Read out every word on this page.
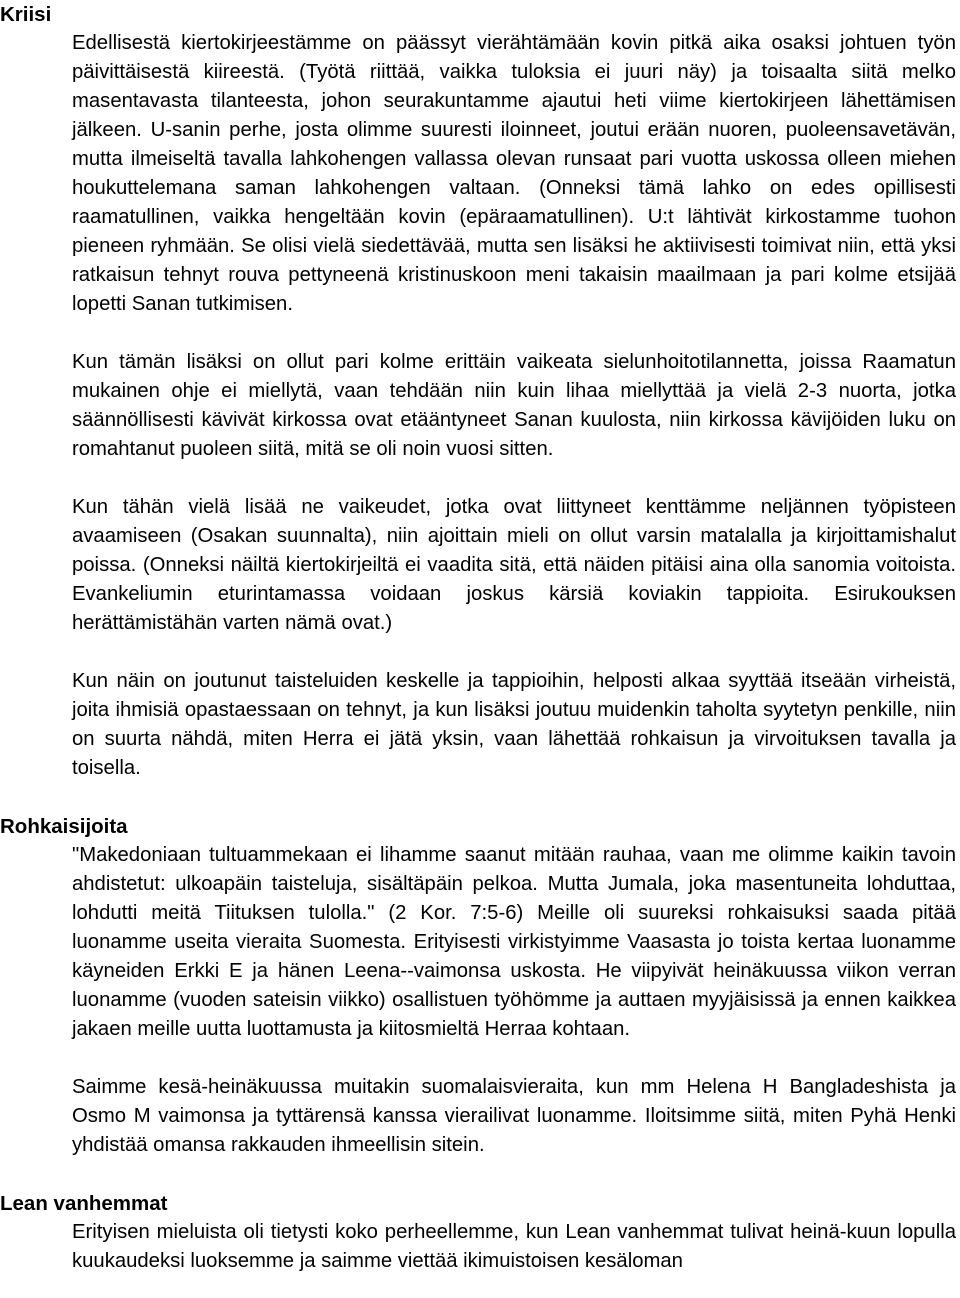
Kriisi

Edellisestä kiertokirjeestämme on päässyt vierähtämään kovin pitkä aika osaksi johtuen työn päivittäisestä kiireestä. (Työtä riittää, vaikka tuloksia ei juuri näy) ja toisaalta siitä melko masentavasta tilanteesta, johon seurakuntamme ajautui heti viime kiertokirjeen lähettämisen jälkeen. U-sanin perhe, josta olimme suuresti iloinneet, joutui erään nuoren, puoleensavetävän, mutta ilmeiseltä tavalla lahkohengen vallassa olevan runsaat pari vuotta uskossa olleen miehen houkuttelemana saman lahkohengen valtaan. (Onneksi tämä lahko on edes opillisesti raamatullinen, vaikka hengeltään kovin (epäraamatullinen). U:t lähtivät kirkostamme tuohon pieneen ryhmään. Se olisi vielä siedettävää, mutta sen lisäksi he aktiivisesti toimivat niin, että yksi ratkaisun tehnyt rouva pettyneenä kristinuskoon meni takaisin maailmaan ja pari kolme etsijää lopetti Sanan tutkimisen.

Kun tämän lisäksi on ollut pari kolme erittäin vaikeata sielunhoitotilannetta, joissa Raamatun mukainen ohje ei miellytä, vaan tehdään niin kuin lihaa miellyttää ja vielä 2-3 nuorta, jotka säännöllisesti kävivät kirkossa ovat etääntyneet Sanan kuulosta, niin kirkossa kävijöiden luku on romahtanut puoleen siitä, mitä se oli noin vuosi sitten.

Kun tähän vielä lisää ne vaikeudet, jotka ovat liittyneet kenttämme neljännen työpisteen avaamiseen (Osakan suunnalta), niin ajoittain mieli on ollut varsin matalalla ja kirjoittamishalut poissa. (Onneksi näiltä kiertokirjeiltä ei vaadita sitä, että näiden pitäisi aina olla sanomia voitoista. Evankeliumin eturintamassa voidaan joskus kärsiä koviakin tappioita. Esirukouksen herättämistähän varten nämä ovat.)

Kun näin on joutunut taisteluiden keskelle ja tappioihin, helposti alkaa syyttää itseään virheistä, joita ihmisiä opastaessaan on tehnyt, ja kun lisäksi joutuu muidenkin taholta syytetyn penkille, niin on suurta nähdä, miten Herra ei jätä yksin, vaan lähettää rohkaisun ja virvoituksen tavalla ja toisella.

Rohkaisijoita

"Makedoniaan tultuammekaan ei lihamme saanut mitään rauhaa, vaan me olimme kaikin tavoin ahdistetut: ulkoapäin taisteluja, sisältäpäin pelkoa. Mutta Jumala, joka masentuneita lohduttaa, lohdutti meitä Tiituksen tulolla." (2 Kor. 7:5-6) Meille oli suureksi rohkaisuksi saada pitää luonamme useita vieraita Suomesta. Erityisesti virkistyimme Vaasasta jo toista kertaa luonamme käyneiden Erkki E ja hänen Leena--vaimonsa uskosta. He viipyivät heinäkuussa viikon verran luonamme (vuoden sateisin viikko) osallistuen työhömme ja auttaen myyjäisissä ja ennen kaikkea jakaen meille uutta luottamusta ja kiitosmieltä Herraa kohtaan.

Saimme kesä-heinäkuussa muitakin suomalaisvieraita, kun mm Helena H Bangladeshista ja Osmo M vaimonsa ja tyttärensä kanssa vierailivat luonamme. Iloitsimme siitä, miten Pyhä Henki yhdistää omansa rakkauden ihmeellisin sitein.

Lean vanhemmat

Erityisen mieluista oli tietysti koko perheellemme, kun Lean vanhemmat tulivat heinä-kuun lopulla kuukaudeksi luoksemme ja saimme viettää ikimuistoisen kesäloman
